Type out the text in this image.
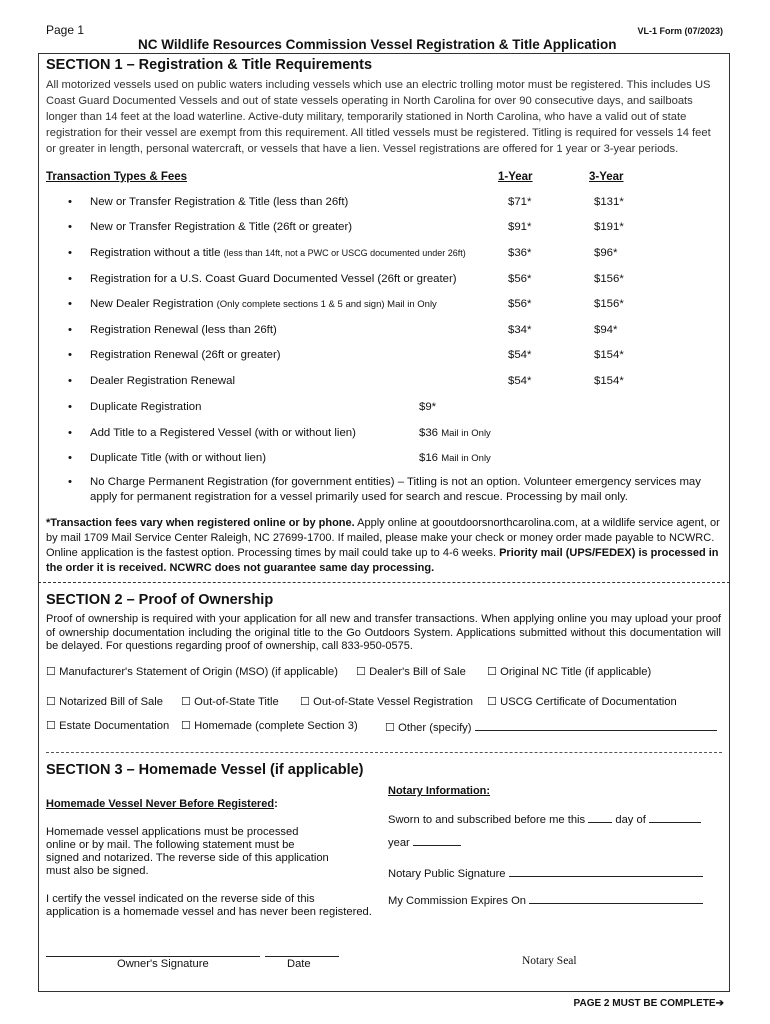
Page 1	VL-1 Form (07/2023)
NC Wildlife Resources Commission Vessel Registration & Title Application
SECTION 1 – Registration & Title Requirements
All motorized vessels used on public waters including vessels which use an electric trolling motor must be registered. This includes US Coast Guard Documented Vessels and out of state vessels operating in North Carolina for over 90 consecutive days, and sailboats longer than 14 feet at the load waterline. Active-duty military, temporarily stationed in North Carolina, who have a valid out of state registration for their vessel are exempt from this requirement. All titled vessels must be registered. Titling is required for vessels 14 feet or greater in length, personal watercraft, or vessels that have a lien. Vessel registrations are offered for 1 year or 3-year periods.
Transaction Types & Fees	1-Year	3-Year
• New or Transfer Registration & Title (less than 26ft)	$71*	$131*
• New or Transfer Registration & Title (26ft or greater)	$91*	$191*
• Registration without a title (less than 14ft, not a PWC or USCG documented under 26ft)	$36*	$96*
• Registration for a U.S. Coast Guard Documented Vessel (26ft or greater)	$56*	$156*
• New Dealer Registration (Only complete sections 1 & 5 and sign) Mail in Only	$56*	$156*
• Registration Renewal (less than 26ft)	$34*	$94*
• Registration Renewal (26ft or greater)	$54*	$154*
• Dealer Registration Renewal	$54*	$154*
• Duplicate Registration	$9*
• Add Title to a Registered Vessel (with or without lien)	$36 Mail in Only
• Duplicate Title (with or without lien)	$16 Mail in Only
• No Charge Permanent Registration (for government entities) – Titling is not an option. Volunteer emergency services may
apply for permanent registration for a vessel primarily used for search and rescue. Processing by mail only.
*Transaction fees vary when registered online or by phone. Apply online at gooutdoorsnorthcarolina.com, at a wildlife service agent, or by mail 1709 Mail Service Center Raleigh, NC 27699-1700. If mailed, please make your check or money order made payable to NCWRC. Online application is the fastest option. Processing times by mail could take up to 4-6 weeks. Priority mail (UPS/FEDEX) is processed in the order it is received. NCWRC does not guarantee same day processing.
SECTION 2 – Proof of Ownership
Proof of ownership is required with your application for all new and transfer transactions. When applying online you may upload your proof of ownership documentation including the original title to the Go Outdoors System. Applications submitted without this documentation will be delayed. For questions regarding proof of ownership, call 833-950-0575.
☐ Manufacturer's Statement of Origin (MSO) (if applicable) ☐ Dealer's Bill of Sale ☐ Original NC Title (if applicable)
☐ Notarized Bill of Sale ☐ Out-of-State Title ☐ Out-of-State Vessel Registration ☐ USCG Certificate of Documentation
☐ Estate Documentation ☐ Homemade (complete Section 3) ☐ Other (specify)
SECTION 3 – Homemade Vessel (if applicable)
Homemade Vessel Never Before Registered:
Homemade vessel applications must be processed
online or by mail. The following statement must be
signed and notarized. The reverse side of this application
must also be signed.
I certify the vessel indicated on the reverse side of this
application is a homemade vessel and has never been registered.
Notary Information:
Sworn to and subscribed before me this	day of
year
Notary Public Signature
My Commission Expires On
Owner's Signature	Date	Notary Seal
PAGE 2 MUST BE COMPLETE➔
